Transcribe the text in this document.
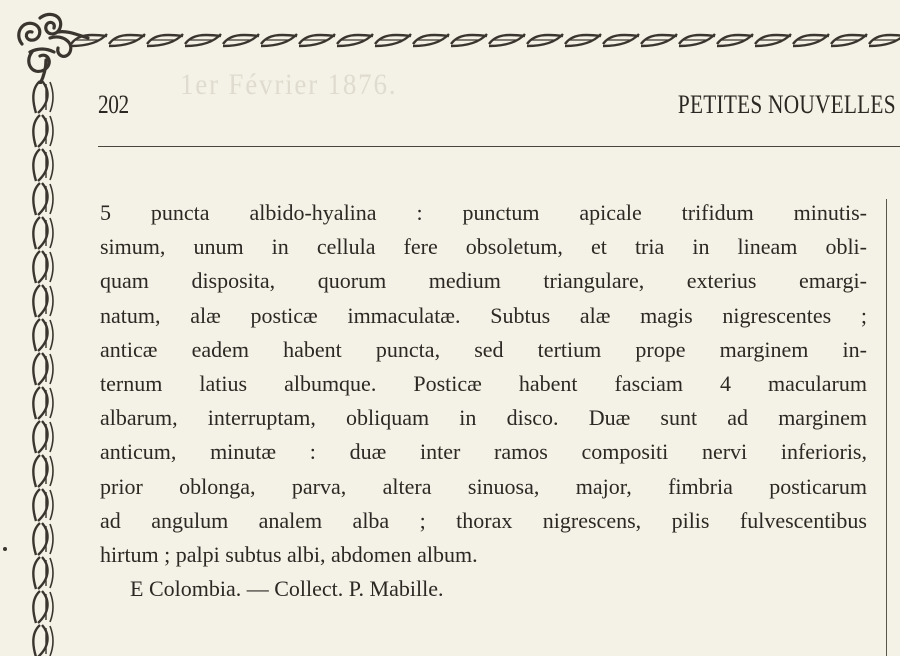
1er Février 1876.
202	PETITES NOUVELLES
5 puncta albido-hyalina : punctum apicale trifidum minutis-
simum, unum in cellula fere obsoletum, et tria in lineam obli-
quam disposita, quorum medium triangulare, exterius emargi-
natum, alæ posticæ immaculatæ. Subtus alæ magis nigrescentes ;
anticæ eadem habent puncta, sed tertium prope marginem in-
ternum latius albumque. Posticæ habent fasciam 4 macularum
albarum, interruptam, obliquam in disco. Duæ sunt ad marginem
anticum, minutæ : duæ inter ramos compositi nervi inferioris,
prior oblonga, parva, altera sinuosa, major, fimbria posticarum
ad angulum analem alba ; thorax nigrescens, pilis fulvescentibus
hirtum ; palpi subtus albi, abdomen album.
E Colombia. — Collect. P. Mabille.
